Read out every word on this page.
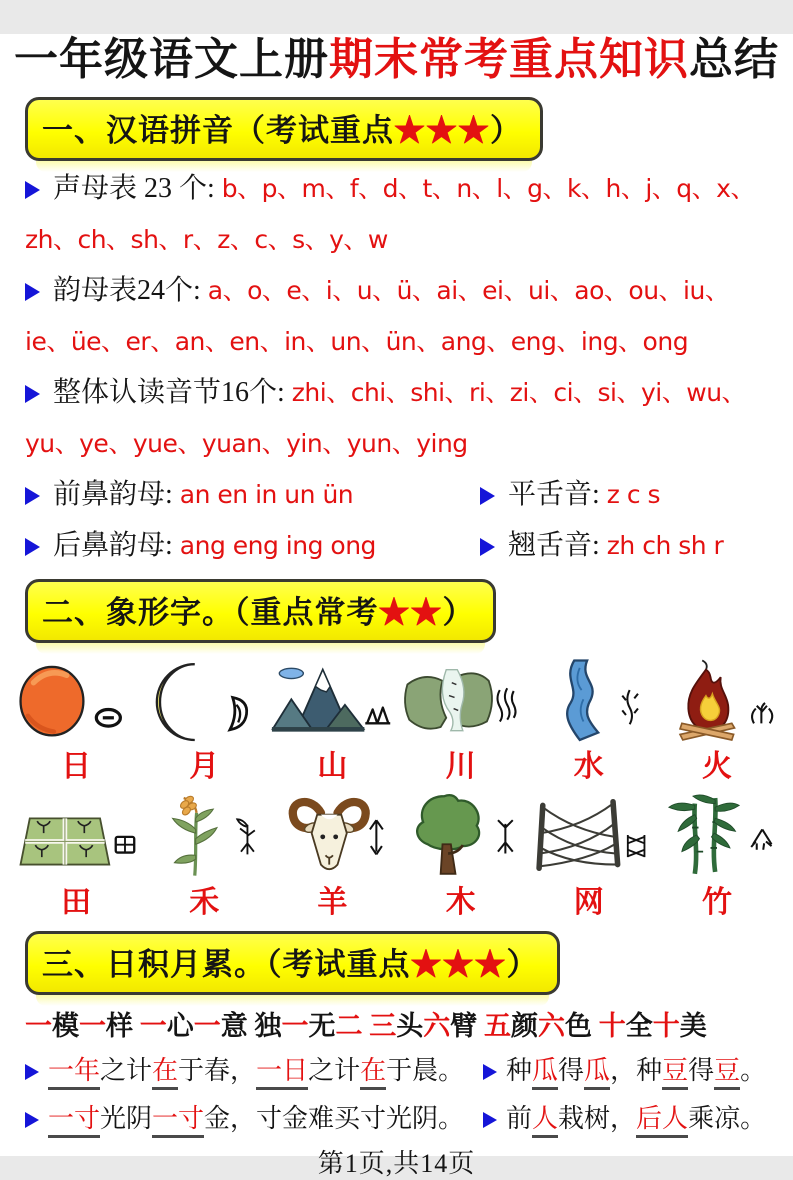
一年级语文上册期末常考重点知识总结
一、汉语拼音（考试重点★★★）
声母表 23 个: b、p、m、f、d、t、n、l、g、k、h、j、q、x、
zh、ch、sh、r、z、c、s、y、w
韵母表24个: a、o、e、i、u、ü、ai、ei、ui、ao、ou、iu、
ie、üe、er、an、en、in、un、ün、ang、eng、ing、ong
整体认读音节16个: zhi、chi、shi、ri、zi、ci、si、yi、wu、
yu、ye、yue、yuan、yin、yun、ying
前鼻韵母: an en in un ün	平舌音: z c s
后鼻韵母: ang eng ing ong	翘舌音: zh ch sh r
二、象形字。（重点常考★★）
日	月	山	川	水	火
田	禾	羊	木	网	竹
三、日积月累。（考试重点★★★）
一模一样 一心一意 独一无二 三头六臂 五颜六色 十全十美
一年之计在于春，一日之计在于晨。 种瓜得瓜，种豆得豆。
一寸光阴一寸金，寸金难买寸光阴。 前人栽树，后人乘凉。
第1页,共14页
